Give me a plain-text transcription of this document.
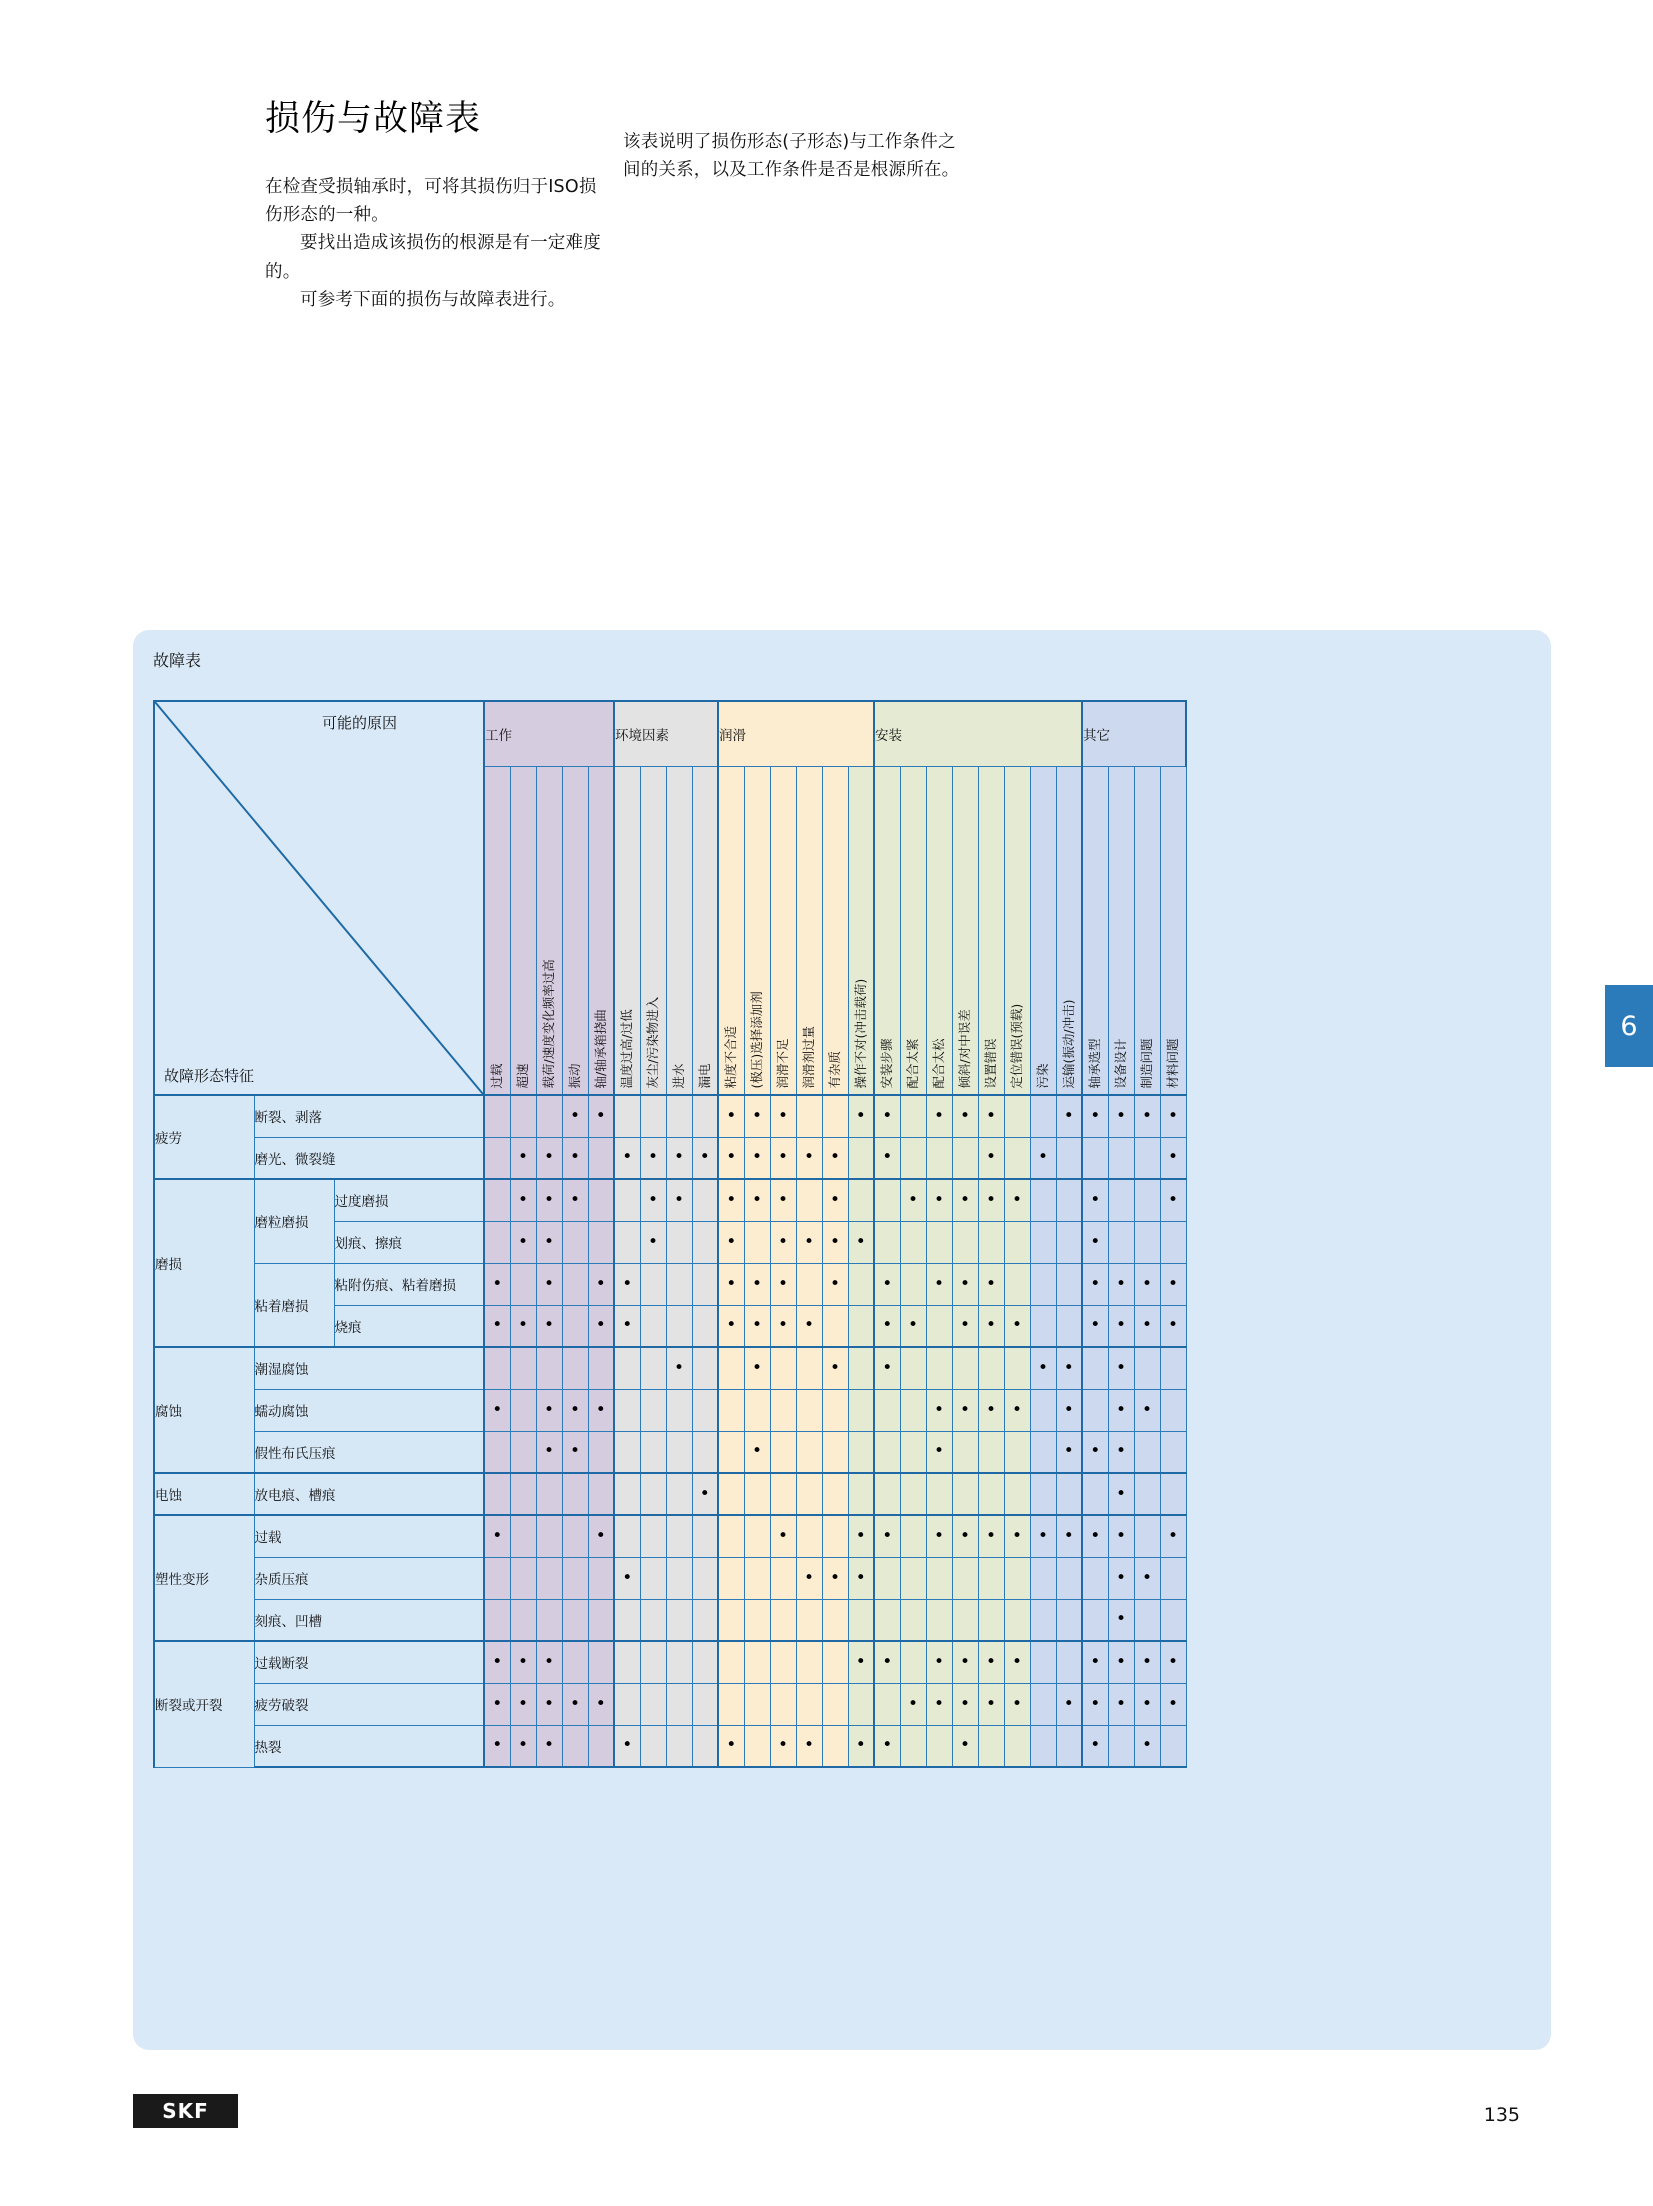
损伤与故障表

在检查受损轴承时，可将其损伤归于ISO损伤形态的一种。

要找出造成该损伤的根源是有一定难度的。

可参考下面的损伤与故障表进行。

该表说明了损伤形态(子形态)与工作条件之间的关系，以及工作条件是否是根源所在。

6
故障表
可能的原因
故障形态特征			工作					环境因素				润滑						安装								其它			

			过载	超速	载荷/速度变化频率过高	振动	轴/轴承箱挠曲	温度过高/过低	灰尘/污染物进入	进水	漏电	粘度不合适	(极压)选择添加剂	润滑不足	润滑剂过量	有杂质	操作不对(冲击载荷)	安装步骤	配合太紧	配合太松	倾斜/对中误差	设置错误	定位错误(预载)	污染	运输(振动/冲击)	轴承选型	设备设计	制造问题	材料问题

疲劳	断裂、剥落				•	•					•	•	•			•	•		•	•	•			•	•	•	•	•
	磨光、微裂缝		•	•	•		•	•	•	•	•	•	•	•	•		•				•		•					•
磨损	磨粒磨损	过度磨损		•	•	•			•	•		•	•	•		•			•	•	•	•	•			•			•
		划痕、擦痕		•	•				•			•		•	•	•	•									•			
	粘着磨损	粘附伤痕、粘着磨损	•		•		•	•				•	•	•		•		•		•	•	•				•	•	•	•
		烧痕	•	•	•		•	•				•	•	•	•			•	•		•	•	•			•	•	•	•
腐蚀	潮湿腐蚀								•			•			•		•						•	•		•		
	蠕动腐蚀	•		•	•	•													•	•	•	•		•		•	•	
	假性布氏压痕			•	•							•							•					•	•	•		
电蚀	放电痕、槽痕									•																•		
塑性变形	过载	•				•							•			•	•		•	•	•	•	•	•	•	•		•
	杂质压痕						•							•	•	•										•	•	
	刻痕、凹槽																									•		
断裂或开裂	过载断裂	•	•	•												•	•		•	•	•	•			•	•	•	•
	疲劳破裂	•	•	•	•	•												•	•	•	•	•		•	•	•	•	•
	热裂	•	•	•			•				•		•	•		•	•			•					•		•	
SKF	135
